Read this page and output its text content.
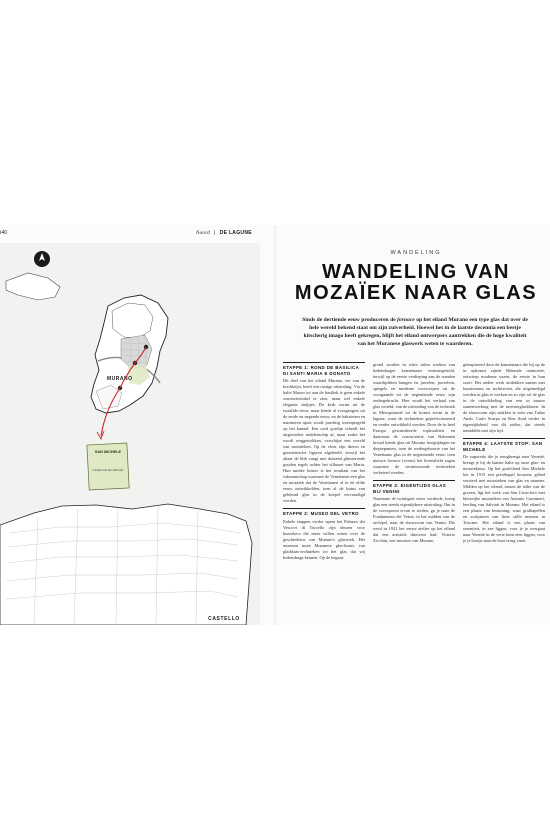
Ⅰ40	Noord | DE LAGUNE
MURANO
SAN MICHELE
Cimitero di San Michele
CASTELLO
WANDELING
WANDELING VAN
MOZAÏEK NAAR GLAS

Sinds de dertiende eeuw produceren de fornace op het eiland Murano een type glas dat over de hele wereld bekend staat om zijn zuiverheid. Hoewel het in de laatste decennia een beetje kitscherig imago heeft gekregen, blijft het eiland ontwerpers aantrekken die de hoge kwaliteit van het Muranese glaswerk weten te waarderen.

ETAPPE 1: ROND DE BASILICA DI SANTI MARIA E DONATO

Dit deel van het eiland Murano, ver van de hoofdzijer, heeft een rustige uitstraling. Via de halte Museo tot aan de basiliek is geen enkele souvenirwinkel te zien, maar wel enkele elegante stulpjes. De kerk vormt uit de twaalfde eeuw, maar kende al voorgangers uit de zesde en negende eeuw, en de bakstenen en marmeren apsis wordt prachtig weerspiegeld op het kanaal. Een rood gordijn scheidt het uitgestrekte middenschip af, maar zodra het wordt weggetrokken, verschijnt een wereld van mozaïeken. Op de vloer zijn dieren en geometrische figuren afgebeeld, terwijl het altaar de blik vangt met duizend glinsterende gouden tegels achter het silhouet van Maria. Hun unieke luister is het resultaat van het vakmanschap waarmee de Venetianen een glas en mozaïek dat de Venetianen al in de elfde eeuw ontwikkelden, toen al de kunst van gekleurd glas in de koepel vervaardigd werden.

ETAPPE 2: MUSEO DEL VETRO

Enkele stappen verder opent het Palazzo dei Vescovi di Torcello zijn deuren voor bezoekers die meer willen weten over de geschiedenis van Murano's glaswerk. Het museum toont Muranese glas-kunst, van glasblaas-technieken tot het glas dat wij hedendaags kennen. Op de begane

grond worden in witte zalen werken van hedendaagse kunstenaars tentoongesteld, terwijl op de eerste verdieping aan de wanden waardsplitten hangen en juwelen, porselein, spiegels en moderne voorwerpen uit de voorgaande tot de negentiende eeuw zijn ondergebracht. Hier wordt het verhaal van glas verteld, van de uitvinding van de techniek in Mesopotamië tot de komst ervan in de lagune, waar de technieken geperfectioneerd en verder ontwikkeld werden. Door de in heel Europa gewaardeerde topkwaliteit en daarnaast de concurrentie van Bohemen kristal kende glas uit Murano hoogtijdagen en dieptepunten, toen de wedergeboorte van het Venetiaans glas in de negentiende eeuw, toen nieuwe fornace (ovens) het levenslicht zagen waarmee de vernieuwende technieken verbeterd werden.

ETAPPE 3: EIGENTIJDS GLAS BIJ VENINI

Naarmate de twintigste eeuw vorderde, kreeg glas een steeds eigentijdsere uitstraling. Om in de voorsporen ervan te treden, ga je naar de Fondamenta dei Vetrai, in het midden van de archipel, naar de showroom van Venini. Die werd in 1921 het eerste atelier op het eiland dat een artistiek directeur had. Vittorio Zecchin, een inwoner van Murano,

geïnspireerd door de kunstenaars die bij op de in opkomst zijnde Biënnale ontmoette, ontwierp moderne vazen, de eerste in hun soort. Het atelier werk uitdokken samen met kunstenaars en architecten, die uitgemedigd werden in glas te werken en zo zijn rol de glas in de ontwikkeling van een in nauwe samenwerking met de meesterglasblazen. In de showroom zijn stukken te zien van Tadao Ando, Carlo Scarpa en Ron Arad verder in eigentijdsheid van dit atelier, dat steeds inmiddels met zijn tijd.

ETAPPE 4: LAATSTE STOP: SAN MICHELE

De vaporetto die je terugbrengt naar Venetië, brengt je bij de laatste halte op onze glas- en mozaïektour. Op het grafeiland San Michele het in 1915 een privékapel bouwen, gebed versierd met mozaïeken van glas en marmer. Midden op het eiland, tussen de stilte van de graven, ligt het werk van San Cristoforo met kleurrijke mozaïeken van Antonio Carrameri, leerling van Salviati in Murano. Het eiland is een plaats van bezinning, waar grafkapellen en sculpturen van deze stille mensen in Toscane. Het eiland is een plaats van sereniteit, in zee liggen, voor je je overgaat naar Venetië in de verte kunt zien liggen, voor je je bootje naar de boot terug vaart.
